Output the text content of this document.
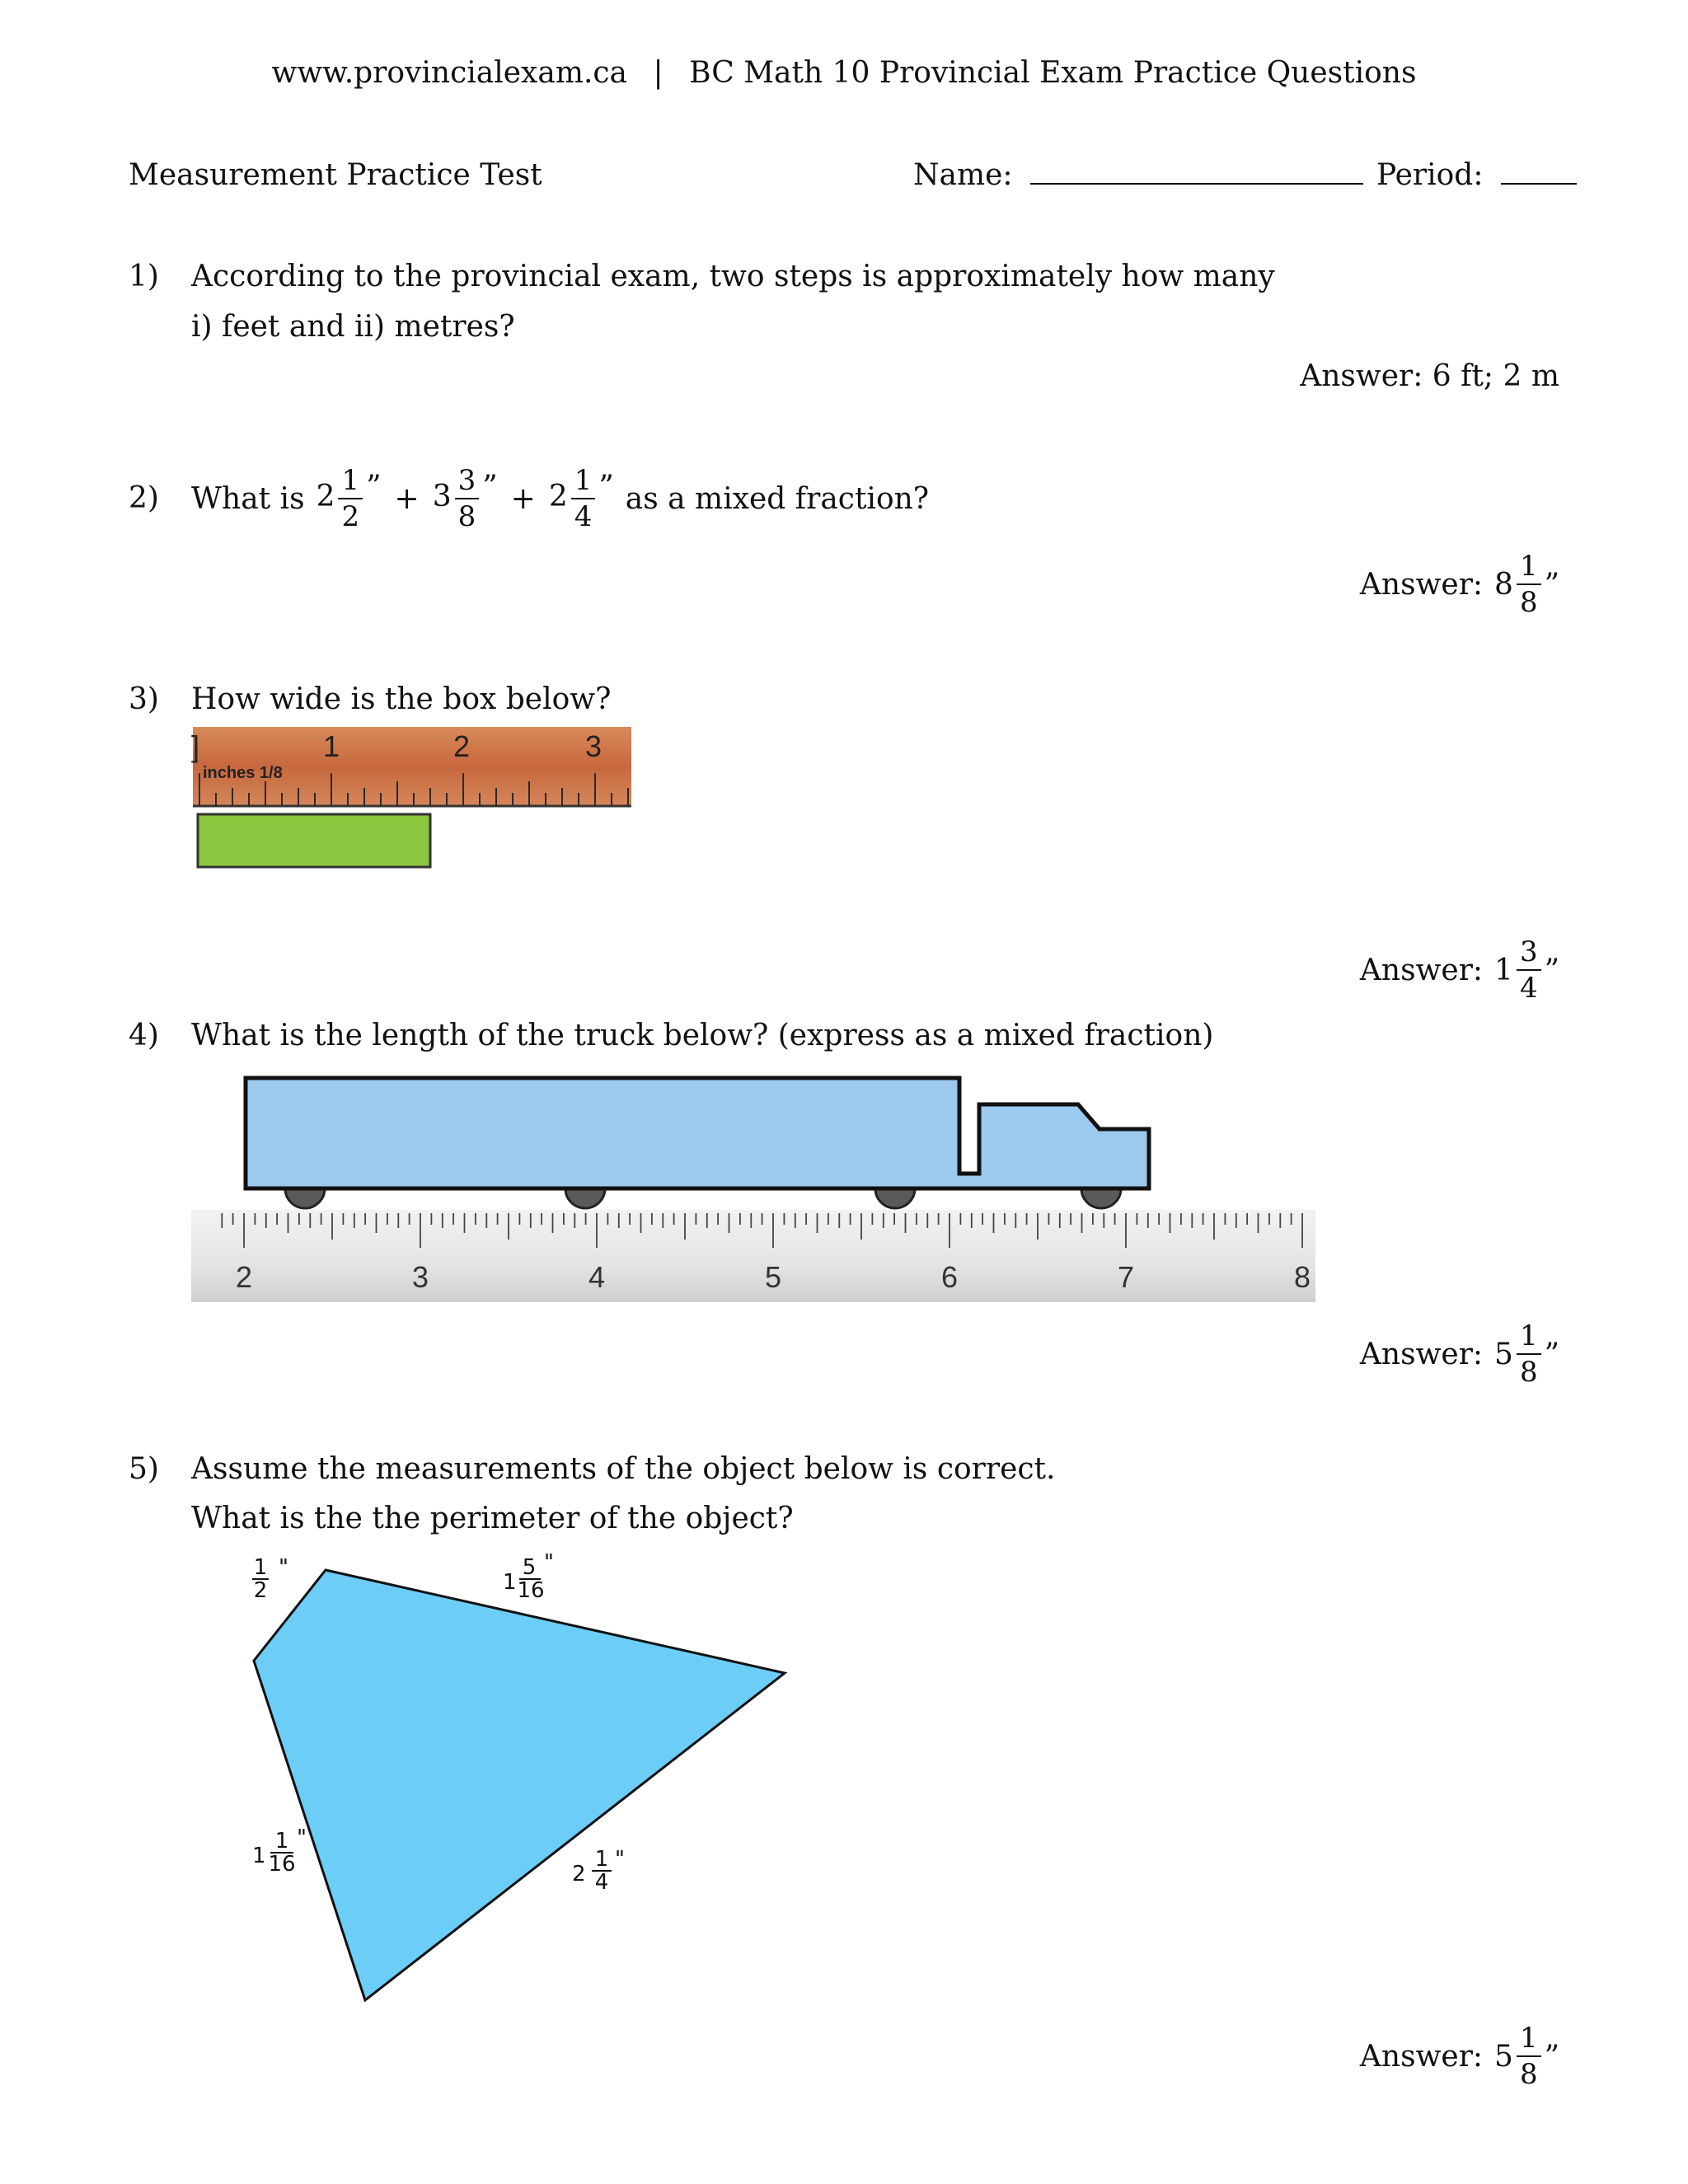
www.provincialexam.ca | BC Math 10 Provincial Exam Practice Questions
Measurement Practice Test	Name:	Period:
1) According to the provincial exam, two steps is approximately how many
i) feet and ii) metres?
Answer: 6 ft; 2 m
2) What is $2 \frac{1}{2}$ ” + $3 \frac{3}{8}$ ” + $2 \frac{1}{4}$ ” as a mixed fraction?
Answer: $8 \frac{1}{8}$ ”
3) How wide is the box below?
]	1	2	3
inches 1/8
Answer: $1 \frac{3}{4}$ ”
4) What is the length of the truck below? (express as a mixed fraction)
2	3	4	5	6	7	8
Answer: $5 \frac{1}{8}$ ”
5) Assume the measurements of the object below is correct.
What is the the perimeter of the object?
1
2
"
1
5
16
"
1
1
16
"
2
1
4
"
Answer: $5 \frac{1}{8}$ ”
